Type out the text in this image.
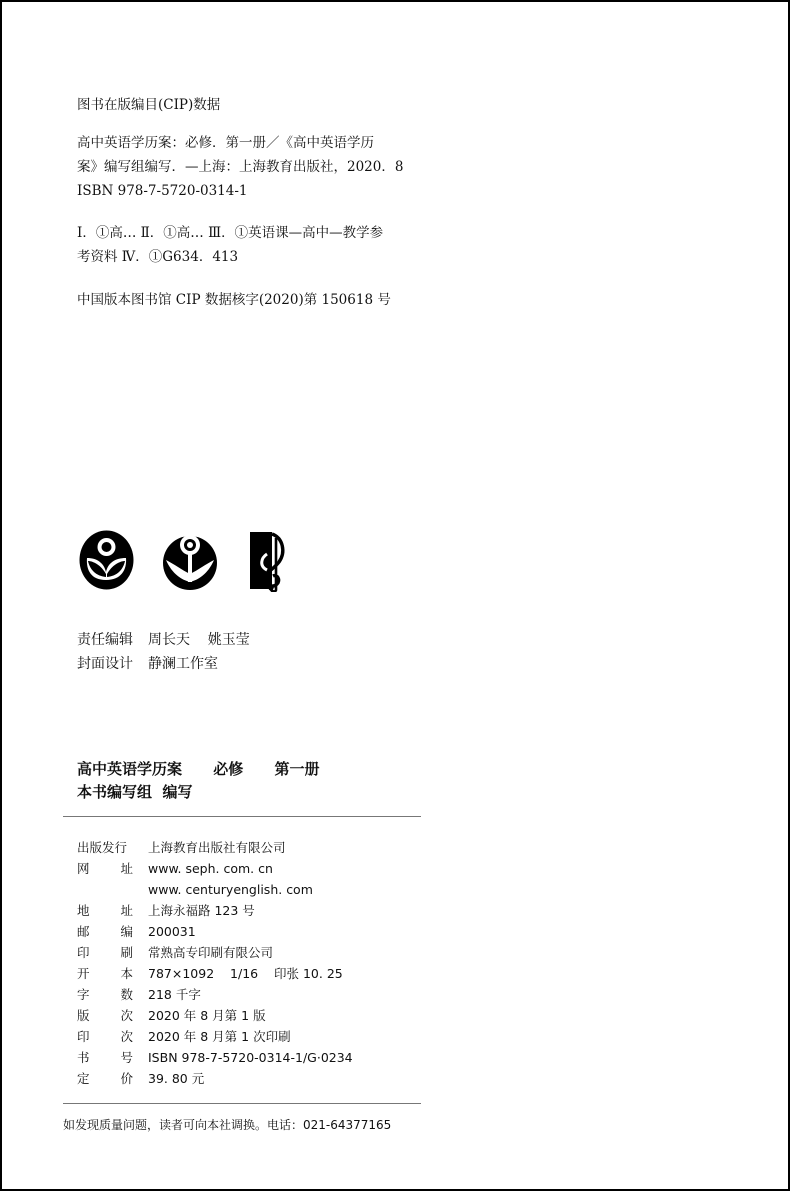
图书在版编目(CIP)数据
高中英语学历案：必修．第一册／《高中英语学历
案》编写组编写．—上海：上海教育出版社，2020．8
ISBN 978-7-5720-0314-1
Ⅰ．①高… Ⅱ．①高… Ⅲ．①英语课—高中—教学参
考资料 Ⅳ．①G634．413
中国版本图书馆 CIP 数据核字(2020)第 150618 号
责任编辑	周长天    姚玉莹
封面设计	静澜工作室
高中英语学历案 必修 第一册
本书编写组  编写
出版发行	上海教育出版社有限公司
网 址 www. seph. com. cn
www. centuryenglish. com
地 址 上海永福路 123 号
邮 编 200031
印 刷 常熟高专印刷有限公司
开 本 787×1092    1/16    印张 10. 25
字 数 218 千字
版 次 2020 年 8 月第 1 版
印 次 2020 年 8 月第 1 次印刷
书 号 ISBN 978-7-5720-0314-1/G·0234
定 价 39. 80 元
如发现质量问题，读者可向本社调换。电话：021-64377165
